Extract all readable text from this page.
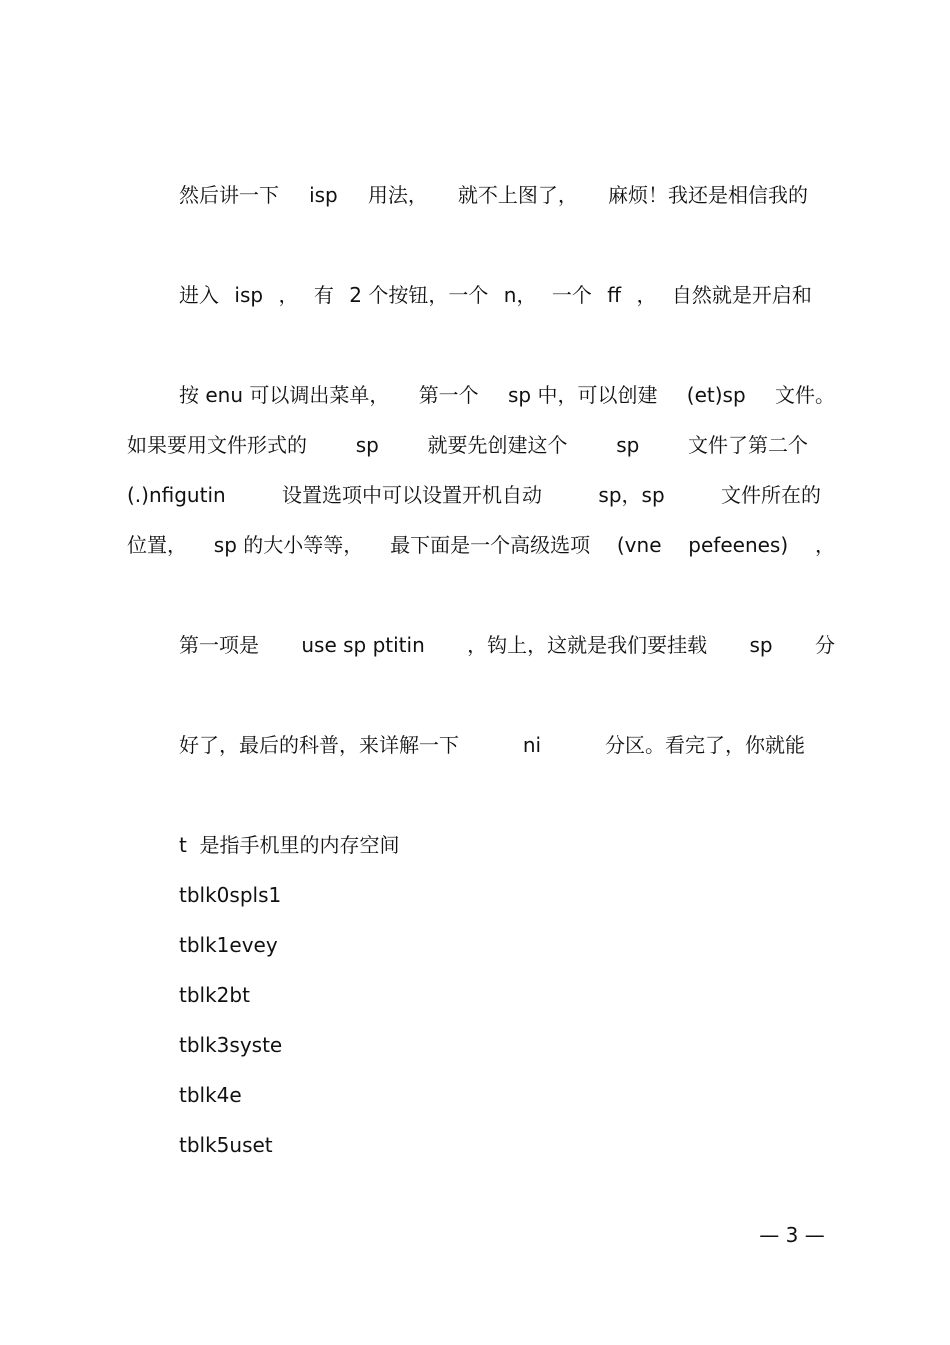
然后讲一下 isp 用法， 就不上图了， 麻烦！我还是相信我的

进入 isp ， 有 2 个按钮，一个 n， 一个 ff ， 自然就是开启和

按 enu 可以调出菜单， 第一个 sp 中，可以创建 (et)sp 文件。
如果要用文件形式的 sp 就要先创建这个 sp 文件了第二个
(.)nfigutin	设置选项中可以设置开机自动	sp，sp	文件所在的
位置， sp 的大小等等， 最下面是一个高级选项 (vne pefeenes) ，

第一项是 use sp ptitin ，钩上，这就是我们要挂载 sp 分

好了，最后的科普，来详解一下	ni	分区。看完了，你就能

t  是指手机里的内存空间
tblk0spls1
tblk1evey
tblk2bt
tblk3syste
tblk4e
tblk5uset
— 3 —
